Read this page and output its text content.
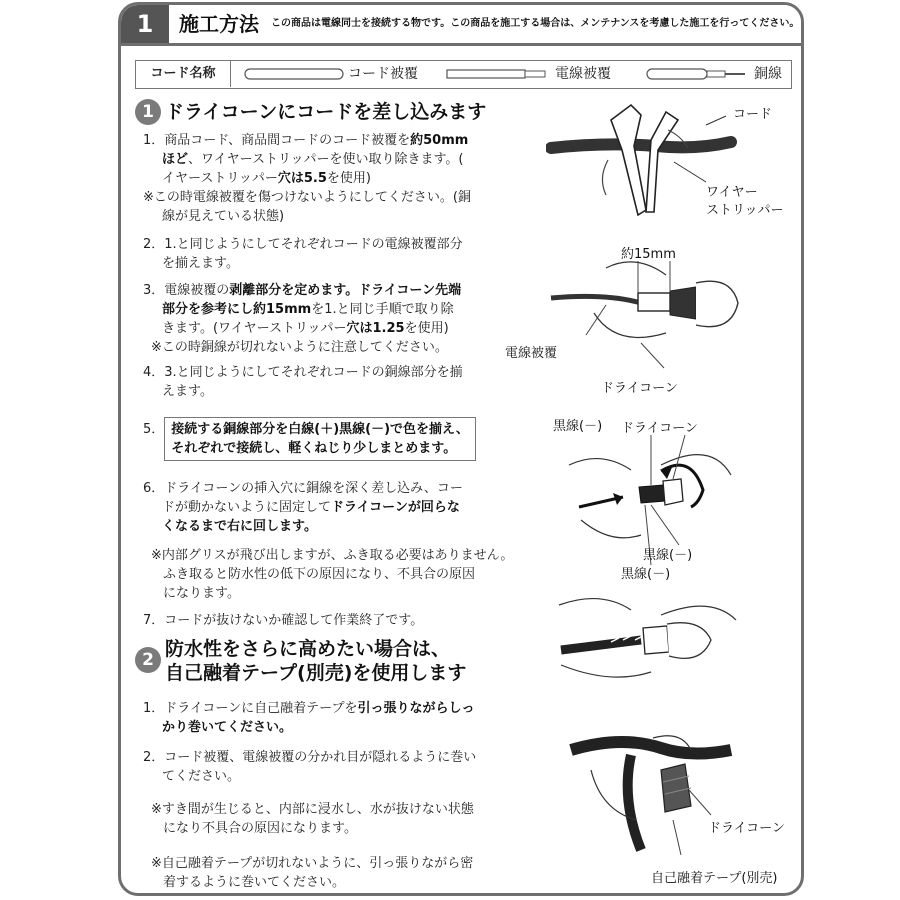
1	施工方法 この商品は電線同士を接続する物です。この商品を施工する場合は、メンテナンスを考慮した施工を行ってください。
コード名称	コード被覆	電線被覆	銅線
1 ドライコーンにコードを差し込みます
1．商品コード、商品間コードのコード被覆を約50mm
ほど、ワイヤーストリッパーを使い取り除きます。(
イヤーストリッパー穴は5.5を使用)
※この時電線被覆を傷つけないようにしてください。(銅
線が見えている状態)
2．1.と同じようにしてそれぞれコードの電線被覆部分
を揃えます。
3．電線被覆の剥離部分を定めます。ドライコーン先端
部分を参考にし約15mmを1.と同じ手順で取り除
きます。(ワイヤーストリッパー穴は1.25を使用)
※この時銅線が切れないように注意してください。
4．3.と同じようにしてそれぞれコードの銅線部分を揃
えます。
5． 接続する銅線部分を白線(＋)黒線(－)で色を揃え、
それぞれで接続し、軽くねじり少しまとめます。
6．ドライコーンの挿入穴に銅線を深く差し込み、コー
ドが動かないように固定してドライコーンが回らな
くなるまで右に回します。
※内部グリスが飛び出しますが、ふき取る必要はありません。
ふき取ると防水性の低下の原因になり、不具合の原因
になります。
7．コードが抜けないか確認して作業終了です。
2 防水性をさらに高めたい場合は、
自己融着テープ(別売)を使用します
1．ドライコーンに自己融着テープを引っ張りながらしっ
かり巻いてください。
2．コード被覆、電線被覆の分かれ目が隠れるように巻い
てください。
※すき間が生じると、内部に浸水し、水が抜けない状態
になり不具合の原因になります。
※自己融着テープが切れないように、引っ張りながら密
着するように巻いてください。
コード
ワイヤー
ストリッパー
約15mm
電線被覆
ドライコーン
黒線(－) ドライコーン
黒線(－)
黒線(－)
ドライコーン
自己融着テープ(別売)
